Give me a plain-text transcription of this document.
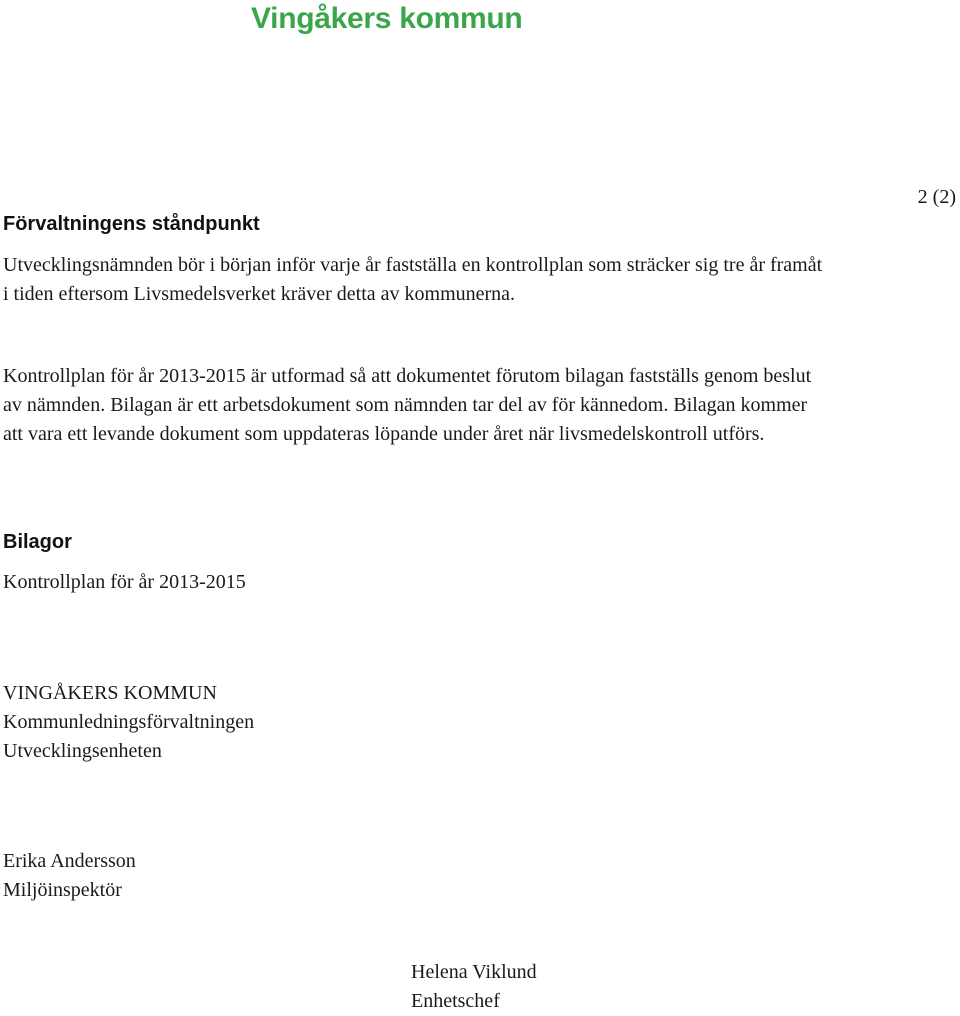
Vingåkers kommun
2 (2)
Förvaltningens ståndpunkt

Utvecklingsnämnden bör i början inför varje år fastställa en kontrollplan som sträcker sig tre år framåt i tiden eftersom Livsmedelsverket kräver detta av kommunerna.

Kontrollplan för år 2013-2015 är utformad så att dokumentet förutom bilagan fastställs genom beslut av nämnden. Bilagan är ett arbetsdokument som nämnden tar del av för kännedom. Bilagan kommer att vara ett levande dokument som uppdateras löpande under året när livsmedelskontroll utförs.

Bilagor
Kontrollplan för år 2013-2015
VINGÅKERS KOMMUN
Kommunledningsförvaltningen
Utvecklingsenheten
Erika Andersson
Miljöinspektör
Helena Viklund
Enhetschef
